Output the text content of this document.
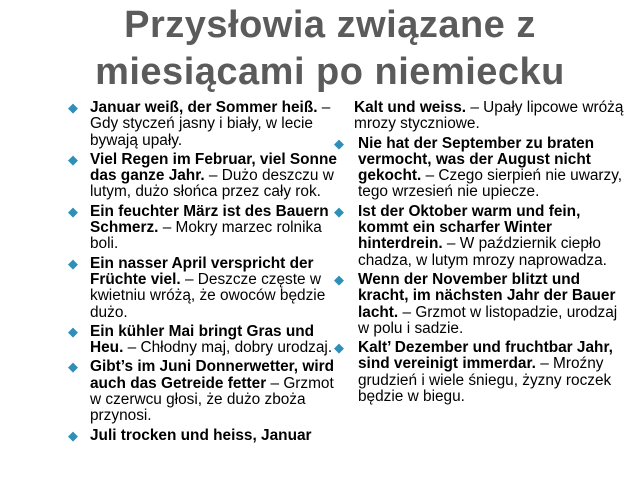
Przysłowia związane z
miesiącami po niemiecku
◆ Januar weiß, der Sommer heiß. – Gdy styczeń jasny i biały, w lecie bywają upały.
◆ Viel Regen im Februar, viel Sonne das ganze Jahr. – Dużo deszczu w lutym, dużo słońca przez cały rok.
◆ Ein feuchter März ist des Bauern Schmerz. – Mokry marzec rolnika boli.
◆ Ein nasser April verspricht der Früchte viel. – Deszcze częste w kwietniu wróżą, że owoców będzie dużo.
◆ Ein kühler Mai bringt Gras und Heu. – Chłodny maj, dobry urodzaj.
◆ Gibt’s im Juni Donnerwetter, wird auch das Getreide fetter – Grzmot w czerwcu głosi, że dużo zboża przynosi.
◆ Juli trocken und heiss, Januar
Kalt und weiss. – Upały lipcowe wróżą mrozy styczniowe.
◆ Nie hat der September zu braten vermocht, was der August nicht gekocht. – Czego sierpień nie uwarzy, tego wrzesień nie upiecze.
◆ Ist der Oktober warm und fein, kommt ein scharfer Winter hinterdrein. – W październik ciepło chadza, w lutym mrozy naprowadza.
◆ Wenn der November blitzt und kracht, im nächsten Jahr der Bauer lacht. – Grzmot w listopadzie, urodzaj w polu i sadzie.
◆ Kalt’ Dezember und fruchtbar Jahr, sind vereinigt immerdar. – Mroźny grudzień i wiele śniegu, żyzny roczek będzie w biegu.
